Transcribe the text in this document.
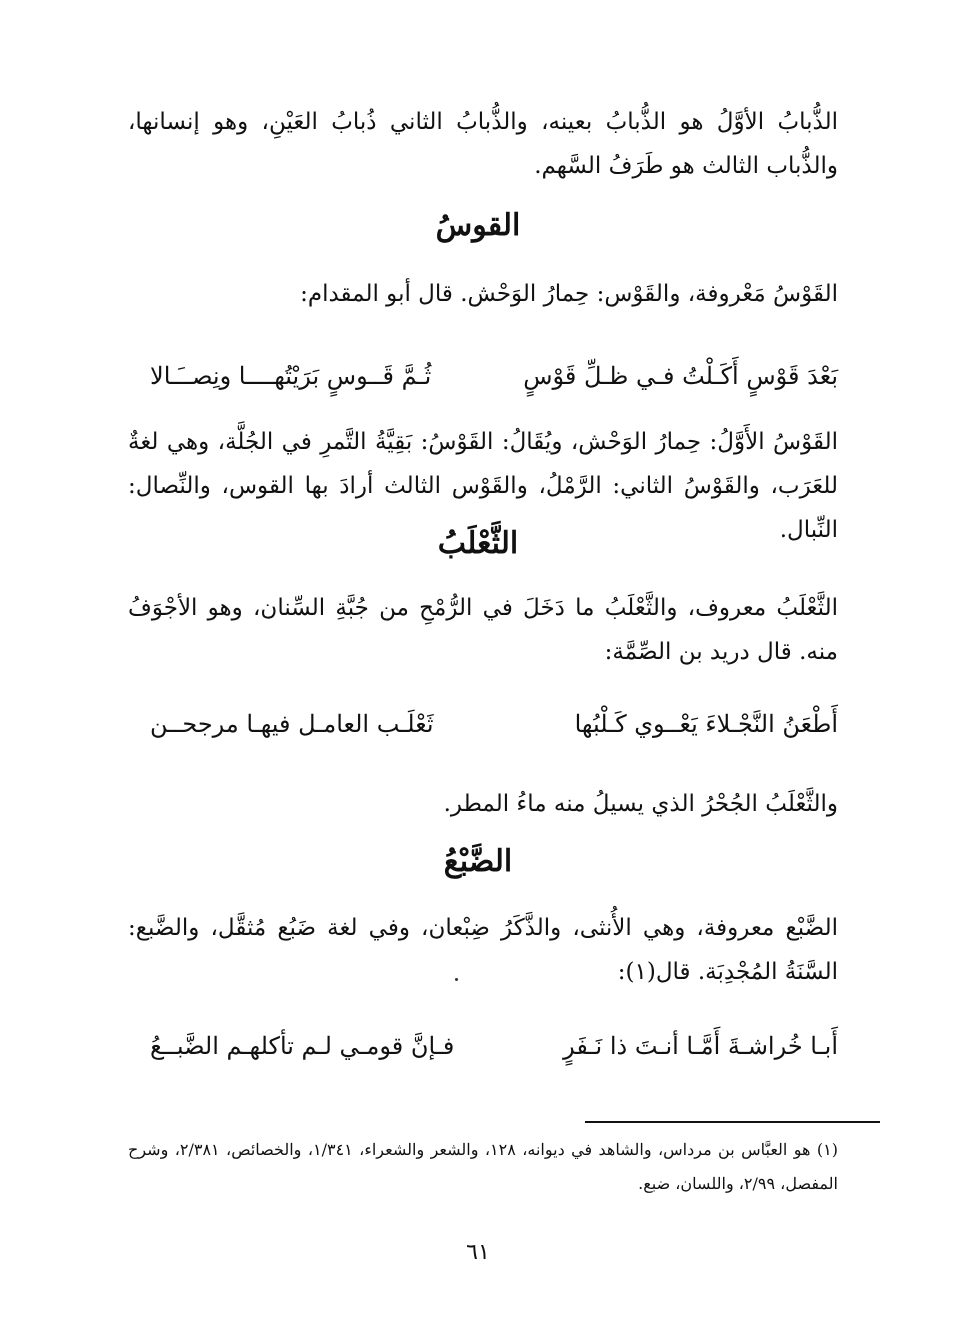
الذُّبابُ الأوَّلُ هو الذُّبابُ بعينه، والذُّبابُ الثاني ذُبابُ العَيْنِ، وهو إنسانها، والذُّباب الثالث هو طَرَفُ السَّهم.

القوسُ

القَوْسُ مَعْروفة، والقَوْس: حِمارُ الوَحْش. قال أبو المقدام:

بَعْدَ قَوْسٍ أَكَـلْتُ فـي ظـلِّ قَوْسٍ
ثُـمَّ قَــوسٍ بَرَيْتُهــــا ونِصــَـالا

القَوْسُ الأَوَّلُ: حِمارُ الوَحْش، ويُقَالُ: القَوْسُ: بَقِيَّةُ التَّمرِ في الجُلَّة، وهي لغةٌ للعَرَب، والقَوْسُ الثاني: الرَّمْلُ، والقَوْس الثالث أرادَ بها القوس، والنِّصال: النِّبال.

الثَّعْلَبُ

الثَّعْلَبُ معروف، والثَّعْلَبُ ما دَخَلَ في الرُّمْحِ من جُبَّةِ السِّنان، وهو الأجْوَفُ منه. قال دريد بن الصِّمَّة:

أَطْعَنُ النَّجْـلاءَ يَعْــوي كَـلْبُها
ثَعْلَـب العامـل فيهـا مرجحــن

والثَّعْلَبُ الجُحْرُ الذي يسيلُ منه ماءُ المطر.

الضَّبْعُ

الضَّبْع معروفة، وهي الأُنثى، والذَّكَرُ ضِبْعان، وفي لغة ضَبُع مُثقَّل، والضَّبع: السَّنَةُ المُجْدِبَة. قال(١):

أَبـا خُراشـةَ أَمَّـا أنـتَ ذا نَـفَرٍ
فـإنَّ قومـي لـم تأكلهـم الضَّبــعُ

(١) هو العبَّاس بن مرداس، والشاهد في ديوانه، ١٢٨، والشعر والشعراء، ١/٣٤١، والخصائص، ٢/٣٨١، وشرح المفصل، ٢/٩٩، واللسان، ضبع.

٦١
